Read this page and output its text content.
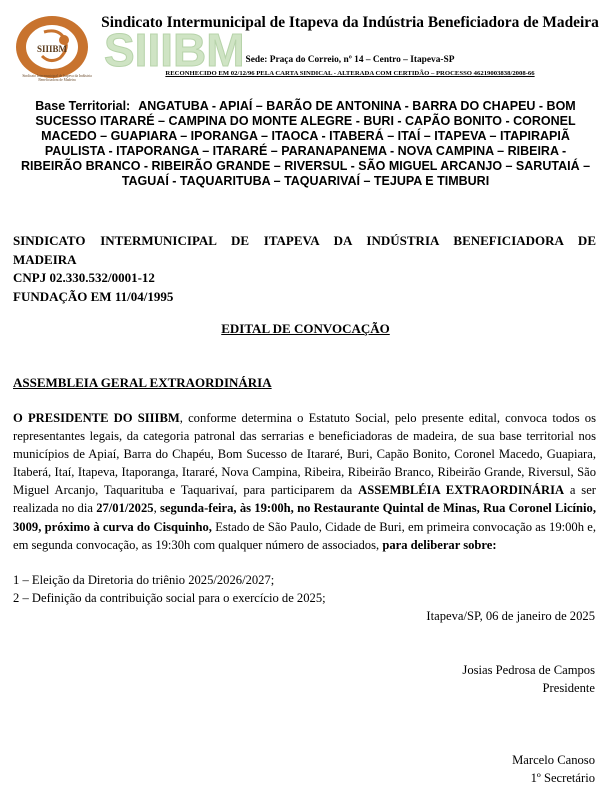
SIIIBM
Sindicato Intermunicipal de Itapeva da Indústria Beneficiadora de Madeira
SIIIBM
Sindicato Intermunicipal de Itapeva da Indústria Beneficiadora de Madeira
Sede: Praça do Correio, nº 14 – Centro – Itapeva-SP
RECONHECIDO EM 02/12/96 PELA CARTA SINDICAL - ALTERADA COM CERTIDÃO – PROCESSO 46219003838/2008-66
Base Territorial: ANGATUBA - APIAÍ – BARÃO DE ANTONINA - BARRA DO CHAPEU - BOM SUCESSO ITARARÉ – CAMPINA DO MONTE ALEGRE - BURI - CAPÃO BONITO - CORONEL MACEDO – GUAPIARA – IPORANGA – ITAOCA - ITABERÁ – ITAÍ – ITAPEVA – ITAPIRAPIÃ PAULISTA - ITAPORANGA – ITARARÉ – PARANAPANEMA - NOVA CAMPINA – RIBEIRA - RIBEIRÃO BRANCO - RIBEIRÃO GRANDE – RIVERSUL - SÃO MIGUEL ARCANJO – SARUTAIÁ – TAGUAÍ - TAQUARITUBA – TAQUARIVAÍ – TEJUPA E TIMBURI
SINDICATO INTERMUNICIPAL DE ITAPEVA DA INDÚSTRIA BENEFICIADORA DE
MADEIRA
CNPJ 02.330.532/0001-12
FUNDAÇÃO EM 11/04/1995
EDITAL DE CONVOCAÇÃO
ASSEMBLEIA GERAL EXTRAORDINÁRIA
O PRESIDENTE DO SIIIBM, conforme determina o Estatuto Social, pelo presente edital, convoca todos os representantes legais, da categoria patronal das serrarias e beneficiadoras de madeira, de sua base territorial nos municípios de Apiaí, Barra do Chapéu, Bom Sucesso de Itararé, Buri, Capão Bonito, Coronel Macedo, Guapiara, Itaberá, Itaí, Itapeva, Itaporanga, Itararé, Nova Campina, Ribeira, Ribeirão Branco, Ribeirão Grande, Riversul, São Miguel Arcanjo, Taquarituba e Taquarivaí, para participarem da ASSEMBLÉIA EXTRAORDINÁRIA a ser realizada no dia 27/01/2025, segunda-feira, às 19:00h, no Restaurante Quintal de Minas, Rua Coronel Licínio, 3009, próximo à curva do Cisquinho, Estado de São Paulo, Cidade de Buri, em primeira convocação as 19:00h e, em segunda convocação, as 19:30h com qualquer número de associados, para deliberar sobre:
1 – Eleição da Diretoria do triênio 2025/2026/2027;
2 – Definição da contribuição social para o exercício de 2025;
Itapeva/SP, 06 de janeiro de 2025
Josias Pedrosa de Campos
Presidente
Marcelo Canoso
1º Secretário
